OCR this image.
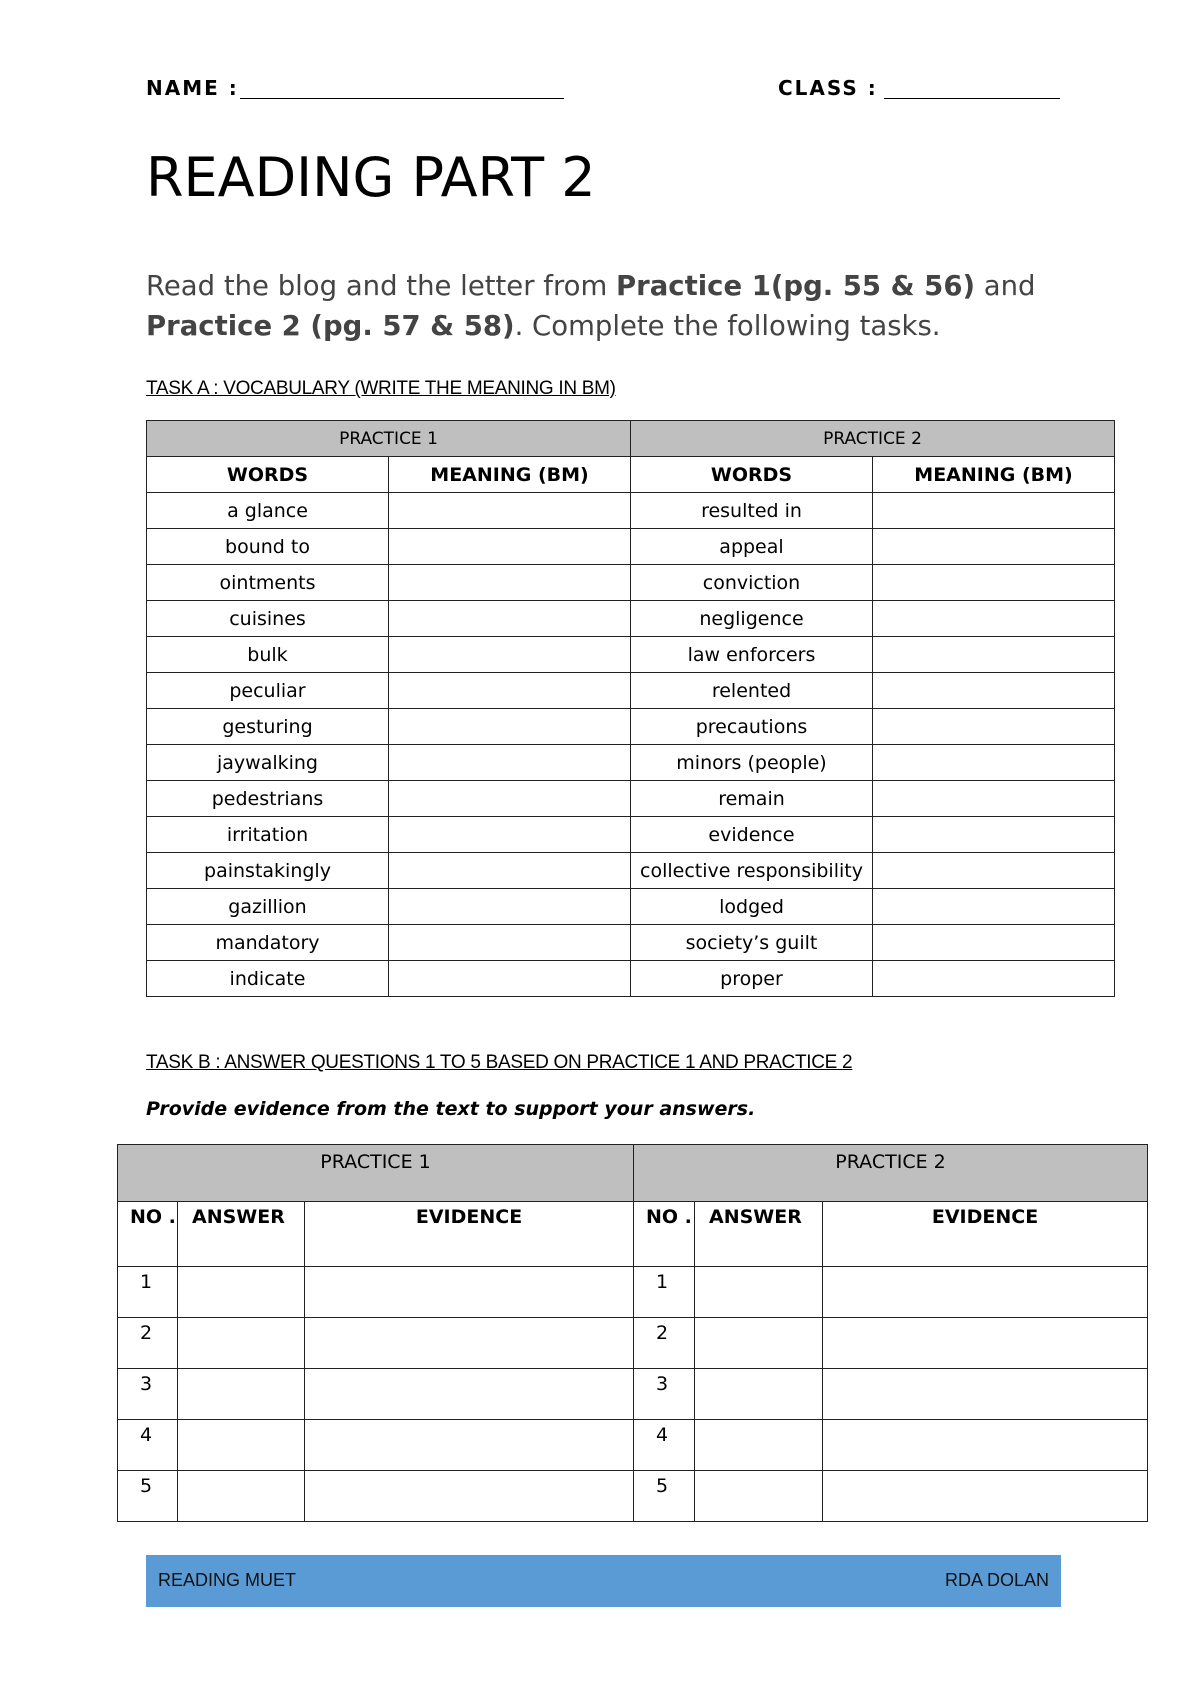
NAME :	CLASS :
READING PART 2
Read the blog and the letter from Practice 1(pg. 55 & 56) and Practice 2 (pg. 57 & 58). Complete the following tasks.
TASK A : VOCABULARY (WRITE THE MEANING IN BM)
PRACTICE 1		PRACTICE 2	
WORDS	MEANING (BM)	WORDS	MEANING (BM)
a glance		resulted in	
bound to		appeal	
ointments		conviction	
cuisines		negligence	
bulk		law enforcers	
peculiar		relented	
gesturing		precautions	
jaywalking		minors (people)	
pedestrians		remain	
irritation		evidence	
painstakingly		collective responsibility	
gazillion		lodged	
mandatory		society’s guilt	
indicate		proper	
TASK B : ANSWER QUESTIONS 1 TO 5 BASED ON PRACTICE 1 AND PRACTICE 2
Provide evidence from the text to support your answers.
PRACTICE 1			PRACTICE 2		
NO .	ANSWER	EVIDENCE	NO .	ANSWER	EVIDENCE
1			1		
2			2		
3			3		
4			4		
5			5		
READING MUET	RDA DOLAN
